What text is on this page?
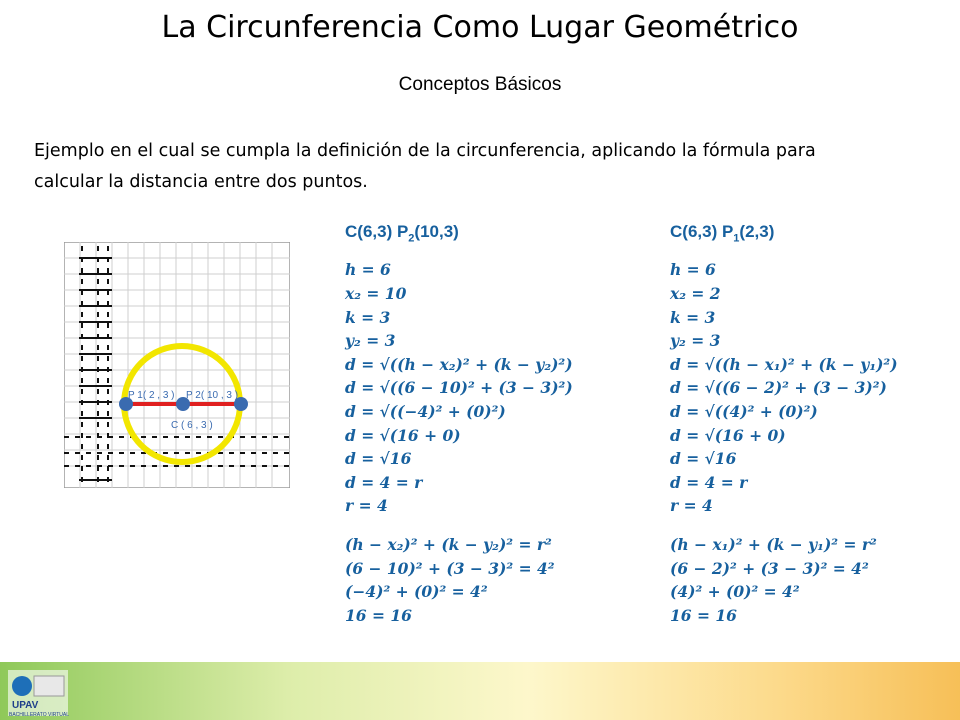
La Circunferencia Como Lugar Geométrico
Conceptos Básicos
Ejemplo en el cual se cumpla la definición de la circunferencia, aplicando la fórmula para
calcular la distancia entre dos puntos.
P 1( 2 , 3 ) P 2( 10 , 3 )
C ( 6 , 3 )
C(6,3) $P_2(10,3)$
h = 6
x₂ = 10
k = 3
y₂ = 3
d = √((h − x₂)² + (k − y₂)²)
d = √((6 − 10)² + (3 − 3)²)
d = √((−4)² + (0)²)
d = √(16 + 0)
d = √16
d = 4 = r
r = 4
(h − x₂)² + (k − y₂)² = r²
(6 − 10)² + (3 − 3)² = 4²
(−4)² + (0)² = 4²
16 = 16
C(6,3) $P_1(2,3)$
h = 6
x₂ = 2
k = 3
y₂ = 3
d = √((h − x₁)² + (k − y₁)²)
d = √((6 − 2)² + (3 − 3)²)
d = √((4)² + (0)²)
d = √(16 + 0)
d = √16
d = 4 = r
r = 4
(h − x₁)² + (k − y₁)² = r²
(6 − 2)² + (3 − 3)² = 4²
(4)² + (0)² = 4²
16 = 16
UPAV
BACHILLERATO VIRTUAL
